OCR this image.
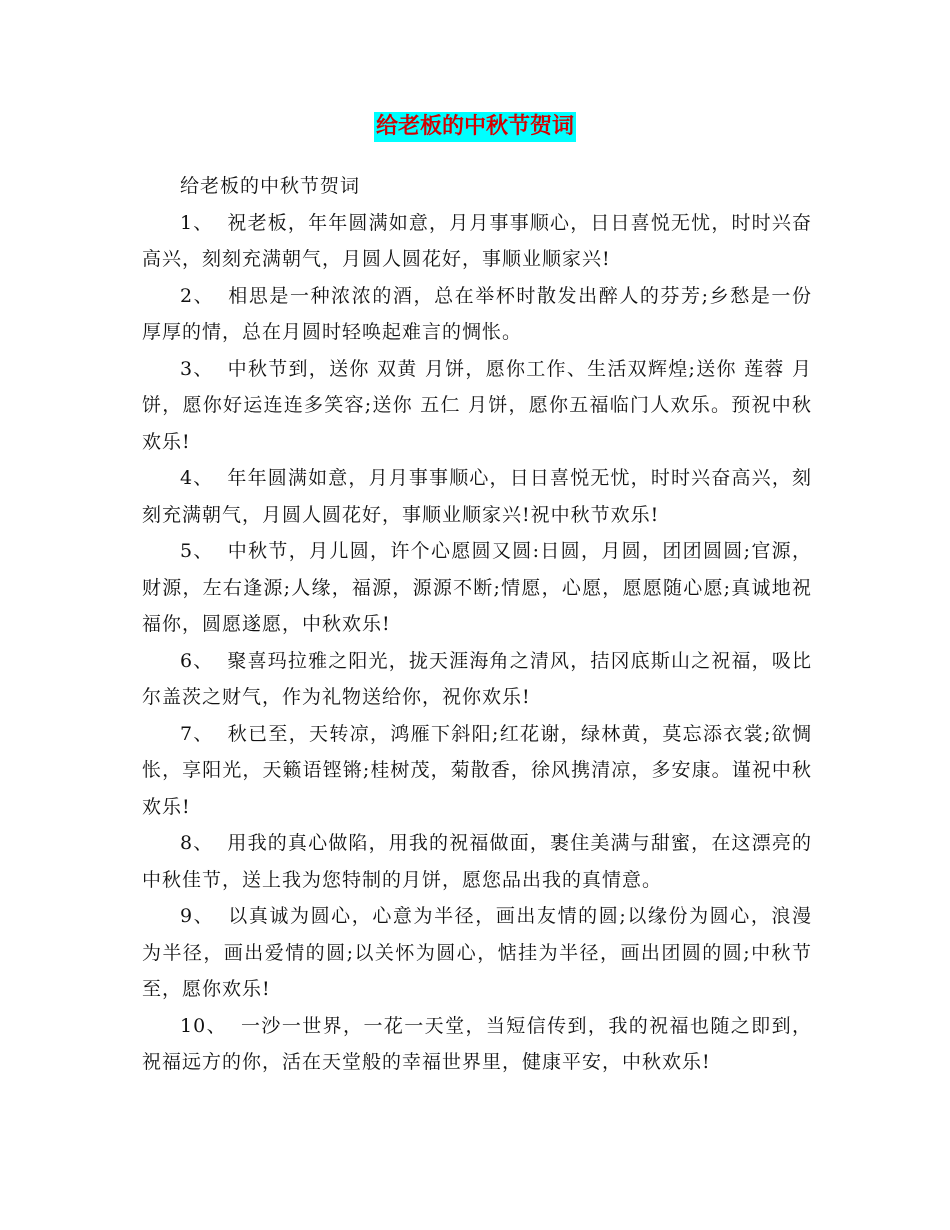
给老板的中秋节贺词

给老板的中秋节贺词

1、 祝老板，年年圆满如意，月月事事顺心，日日喜悦无忧，时时兴奋高兴，刻刻充满朝气，月圆人圆花好，事顺业顺家兴!

2、 相思是一种浓浓的酒，总在举杯时散发出醉人的芬芳;乡愁是一份厚厚的情，总在月圆时轻唤起难言的惆怅。

3、 中秋节到，送你 双黄 月饼，愿你工作、生活双辉煌;送你 莲蓉 月饼，愿你好运连连多笑容;送你 五仁 月饼，愿你五福临门人欢乐。预祝中秋欢乐!

4、 年年圆满如意，月月事事顺心，日日喜悦无忧，时时兴奋高兴，刻刻充满朝气，月圆人圆花好，事顺业顺家兴!祝中秋节欢乐!

5、 中秋节，月儿圆，许个心愿圆又圆:日圆，月圆，团团圆圆;官源，财源，左右逢源;人缘，福源，源源不断;情愿，心愿，愿愿随心愿;真诚地祝福你，圆愿遂愿，中秋欢乐!

6、 聚喜玛拉雅之阳光，拢天涯海角之清风，拮冈底斯山之祝福，吸比尔盖茨之财气，作为礼物送给你，祝你欢乐!

7、 秋已至，天转凉，鸿雁下斜阳;红花谢，绿林黄，莫忘添衣裳;欲惆怅，享阳光，天籁语铿锵;桂树茂，菊散香，徐风携清凉，多安康。谨祝中秋欢乐!

8、 用我的真心做陷，用我的祝福做面，裹住美满与甜蜜，在这漂亮的中秋佳节，送上我为您特制的月饼，愿您品出我的真情意。

9、 以真诚为圆心，心意为半径，画出友情的圆;以缘份为圆心，浪漫为半径，画出爱情的圆;以关怀为圆心，惦挂为半径，画出团圆的圆;中秋节至，愿你欢乐!

10、 一沙一世界，一花一天堂，当短信传到，我的祝福也随之即到，祝福远方的你，活在天堂般的幸福世界里，健康平安，中秋欢乐!
